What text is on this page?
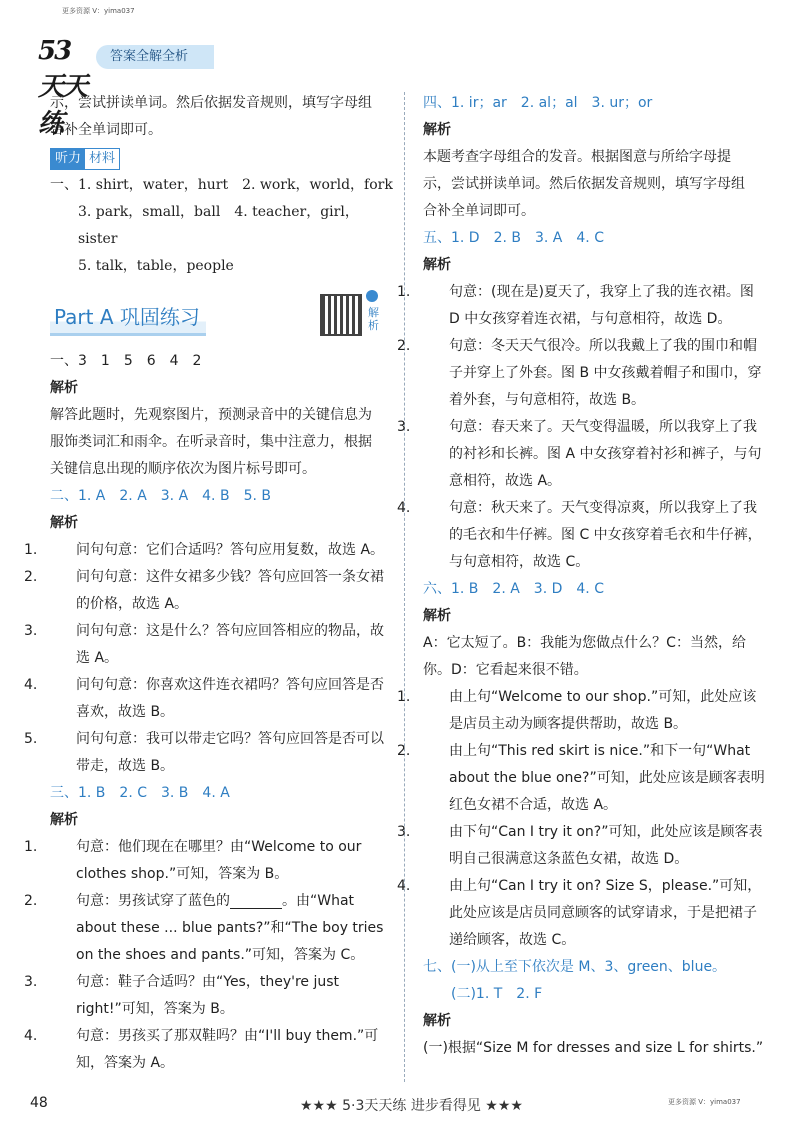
更多资源 V：yima037
53天天练
答案全解全析

示，尝试拼读单词。然后依据发音规则，填写字母组

合补全单词即可。

听力 材料

一、1. shirt，water，hurt　2. work，world，fork

3. park，small，ball　4. teacher，girl，sister

5. talk，table，people

Part A 巩固练习	解析

一、3　1　5　6　4　2

解析

解答此题时，先观察图片，预测录音中的关键信息为

服饰类词汇和雨伞。在听录音时，集中注意力，根据

关键信息出现的顺序依次为图片标号即可。

二、1. A　2. A　3. A　4. B　5. B

解析

1.	问句句意：它们合适吗？答句应用复数，故选 A。

2.	问句句意：这件女裙多少钱？答句应回答一条女裙的价格，故选 A。

3.	问句句意：这是什么？答句应回答相应的物品，故选 A。

4.	问句句意：你喜欢这件连衣裙吗？答句应回答是否喜欢，故选 B。

5.	问句句意：我可以带走它吗？答句应回答是否可以带走，故选 B。

三、1. B　2. C　3. B　4. A

解析

1.	句意：他们现在在哪里？由“Welcome to our clothes shop.”可知，答案为 B。

2.	句意：男孩试穿了蓝色的	。由“What about these ... blue pants?”和“The boy tries on the shoes and pants.”可知，答案为 C。

3.	句意：鞋子合适吗？由“Yes，they're just right!”可知，答案为 B。

4.	句意：男孩买了那双鞋吗？由“I'll buy them.”可知，答案为 A。

四、1. ir；ar　2. al；al　3. ur；or

解析

本题考查字母组合的发音。根据图意与所给字母提

示，尝试拼读单词。然后依据发音规则，填写字母组

合补全单词即可。

五、1. D　2. B　3. A　4. C

解析

1.	句意：(现在是)夏天了，我穿上了我的连衣裙。图 D 中女孩穿着连衣裙，与句意相符，故选 D。

2.	句意：冬天天气很冷。所以我戴上了我的围巾和帽子并穿上了外套。图 B 中女孩戴着帽子和围巾，穿着外套，与句意相符，故选 B。

3.	句意：春天来了。天气变得温暖，所以我穿上了我的衬衫和长裤。图 A 中女孩穿着衬衫和裤子，与句意相符，故选 A。

4.	句意：秋天来了。天气变得凉爽，所以我穿上了我的毛衣和牛仔裤。图 C 中女孩穿着毛衣和牛仔裤，与句意相符，故选 C。

六、1. B　2. A　3. D　4. C

解析

A：它太短了。B：我能为您做点什么？C：当然，给你。D：它看起来很不错。

1.	由上句“Welcome to our shop.”可知，此处应该是店员主动为顾客提供帮助，故选 B。

2.	由上句“This red skirt is nice.”和下一句“What about the blue one?”可知，此处应该是顾客表明红色女裙不合适，故选 A。

3.	由下句“Can I try it on?”可知，此处应该是顾客表明自己很满意这条蓝色女裙，故选 D。

4.	由上句“Can I try it on? Size S，please.”可知，此处应该是店员同意顾客的试穿请求，于是把裙子递给顾客，故选 C。

七、(一)从上至下依次是 M、3、green、blue。

(二)1. T　2. F

解析

(一)根据“Size M for dresses and size L for shirts.”

48	★★★ 5·3天天练 进步看得见 ★★★	更多资源 V：yima037
